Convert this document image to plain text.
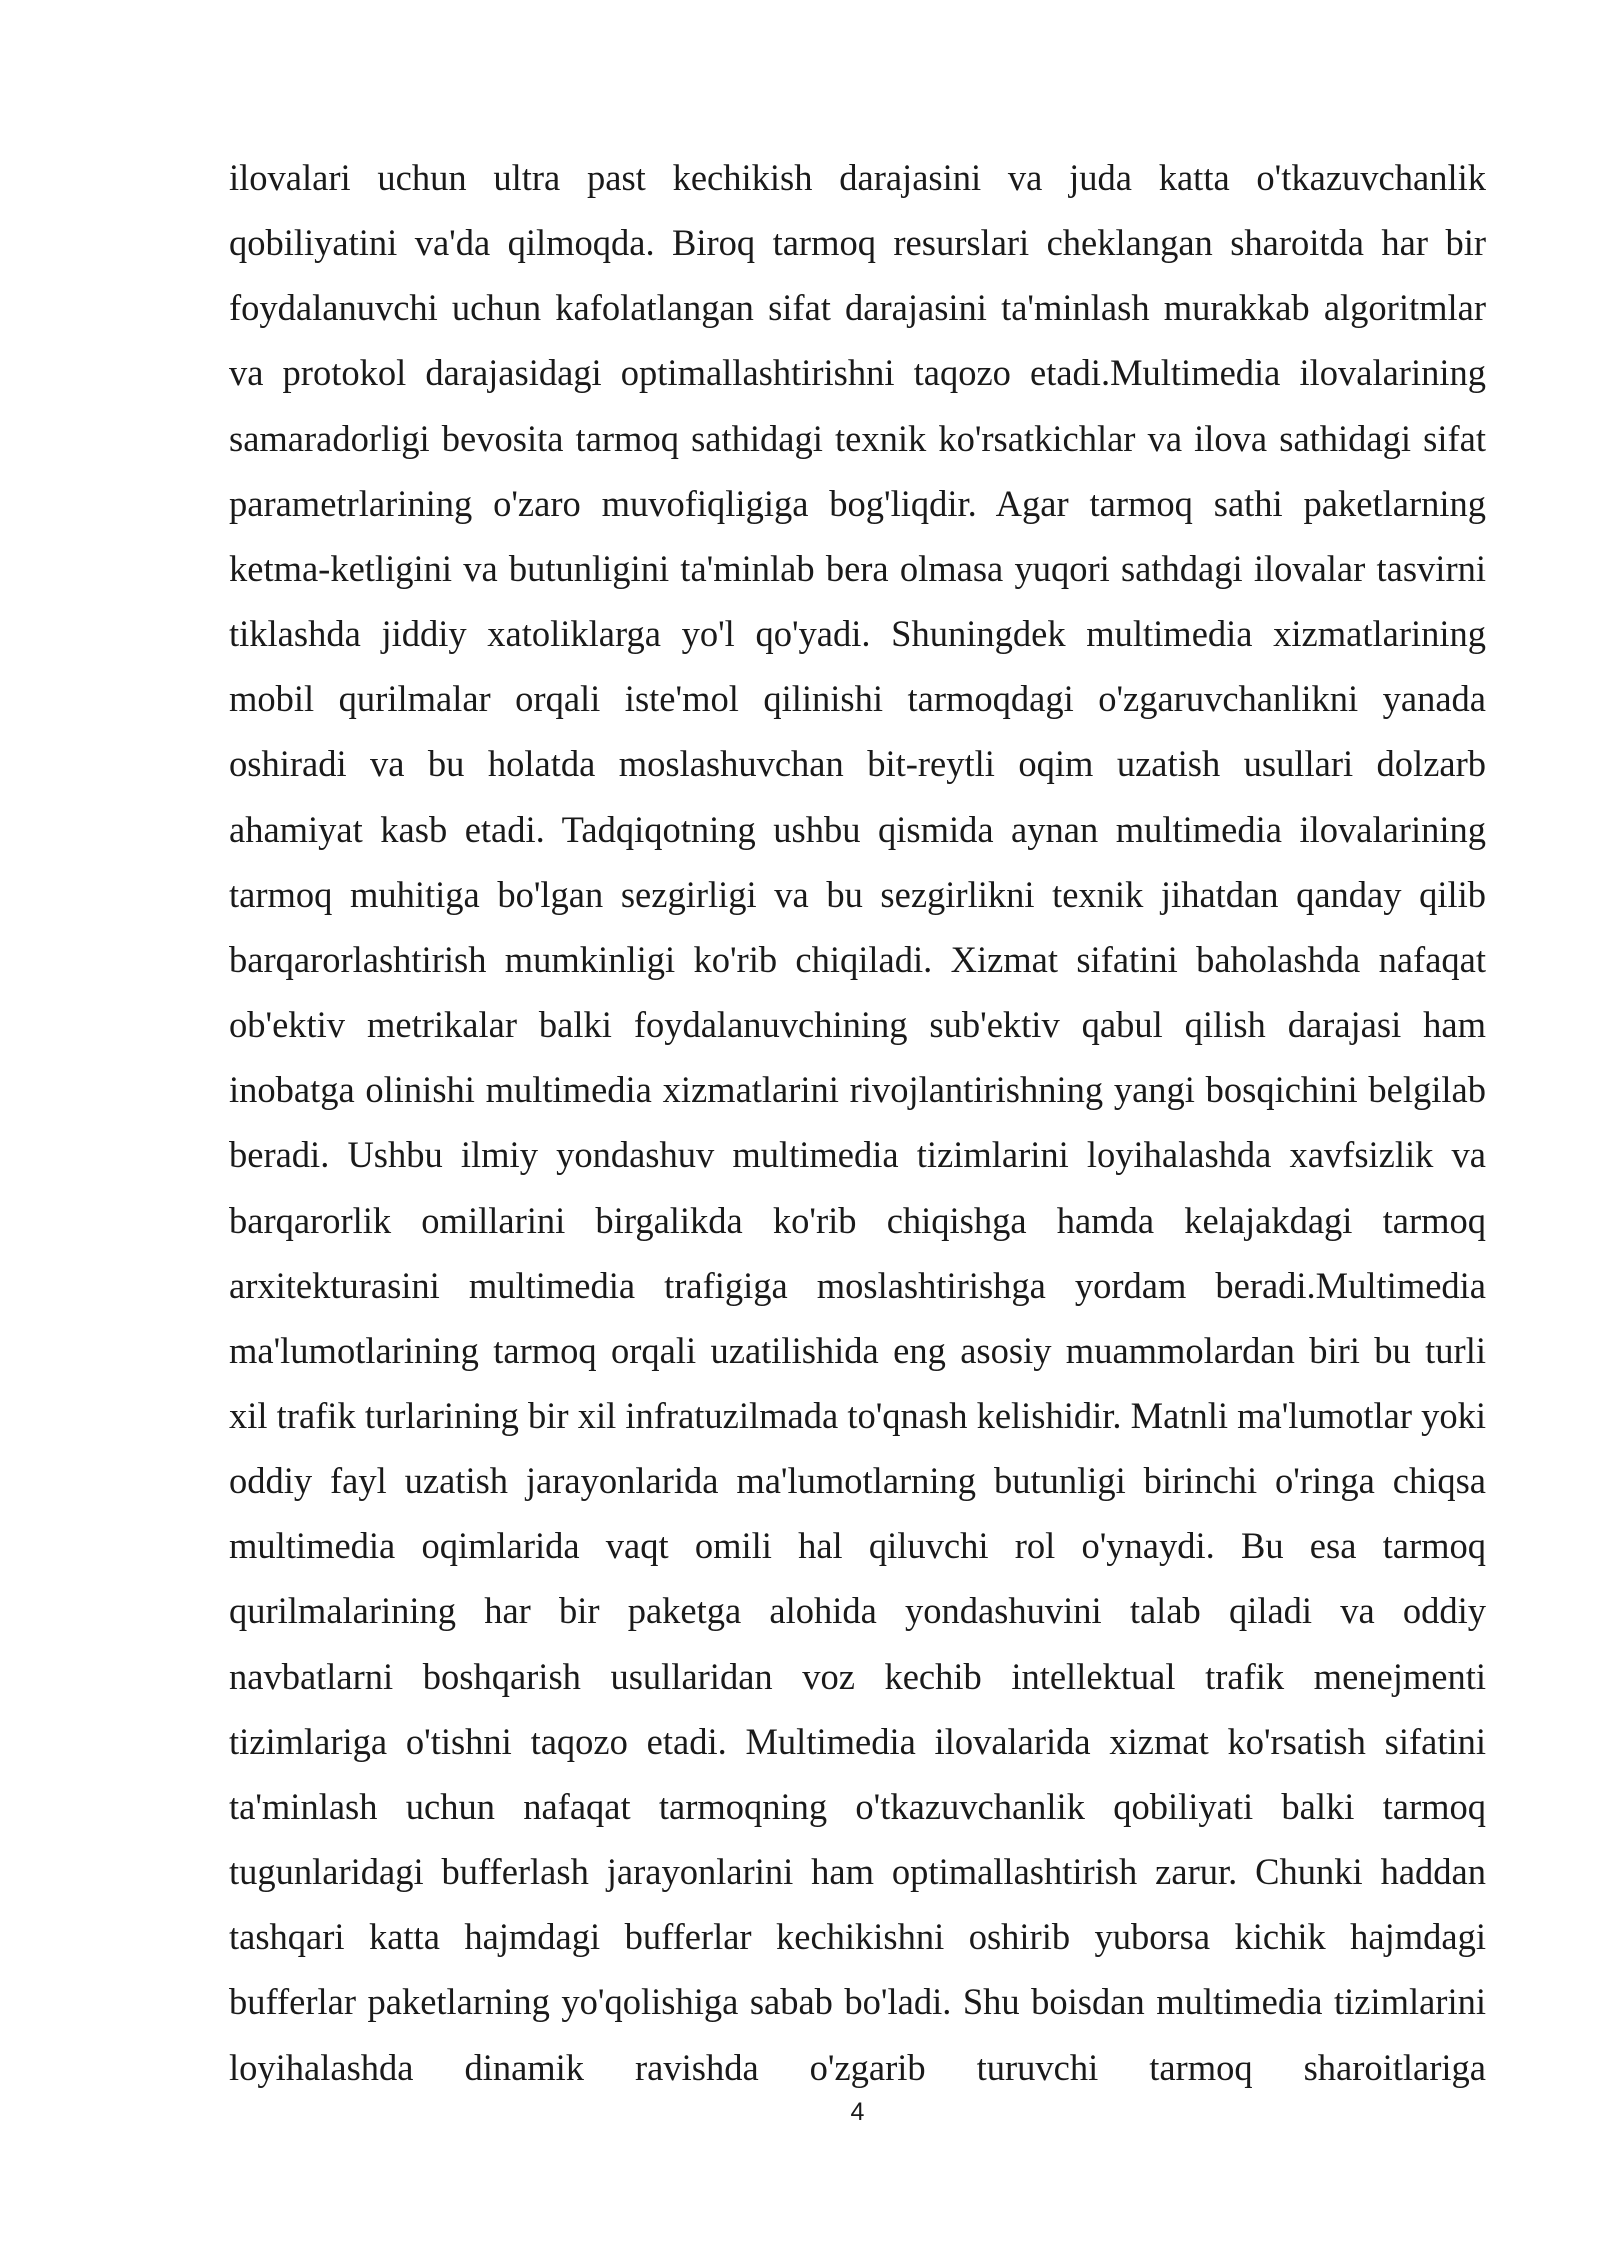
ilovalari uchun ultra past kechikish darajasini va juda katta o'tkazuvchanlik qobiliyatini va'da qilmoqda. Biroq tarmoq resurslari cheklangan sharoitda har bir foydalanuvchi uchun kafolatlangan sifat darajasini ta'minlash murakkab algoritmlar va protokol darajasidagi optimallashtirishni taqozo etadi.Multimedia ilovalarining samaradorligi bevosita tarmoq sathidagi texnik ko'rsatkichlar va ilova sathidagi sifat parametrlarining o'zaro muvofiqligiga bog'liqdir. Agar tarmoq sathi paketlarning ketma-ketligini va butunligini ta'minlab bera olmasa yuqori sathdagi ilovalar tasvirni tiklashda jiddiy xatoliklarga yo'l qo'yadi. Shuningdek multimedia xizmatlarining mobil qurilmalar orqali iste'mol qilinishi tarmoqdagi o'zgaruvchanlikni yanada oshiradi va bu holatda moslashuvchan bit-reytli oqim uzatish usullari dolzarb ahamiyat kasb etadi. Tadqiqotning ushbu qismida aynan multimedia ilovalarining tarmoq muhitiga bo'lgan sezgirligi va bu sezgirlikni texnik jihatdan qanday qilib barqarorlashtirish mumkinligi ko'rib chiqiladi. Xizmat sifatini baholashda nafaqat ob'ektiv metrikalar balki foydalanuvchining sub'ektiv qabul qilish darajasi ham inobatga olinishi multimedia xizmatlarini rivojlantirishning yangi bosqichini belgilab beradi. Ushbu ilmiy yondashuv multimedia tizimlarini loyihalashda xavfsizlik va barqarorlik omillarini birgalikda ko'rib chiqishga hamda kelajakdagi tarmoq arxitekturasini multimedia trafigiga moslashtirishga yordam beradi.Multimedia ma'lumotlarining tarmoq orqali uzatilishida eng asosiy muammolardan biri bu turli xil trafik turlarining bir xil infratuzilmada to'qnash kelishidir. Matnli ma'lumotlar yoki oddiy fayl uzatish jarayonlarida ma'lumotlarning butunligi birinchi o'ringa chiqsa multimedia oqimlarida vaqt omili hal qiluvchi rol o'ynaydi. Bu esa tarmoq qurilmalarining har bir paketga alohida yondashuvini talab qiladi va oddiy navbatlarni boshqarish usullaridan voz kechib intellektual trafik menejmenti tizimlariga o'tishni taqozo etadi. Multimedia ilovalarida xizmat ko'rsatish sifatini ta'minlash uchun nafaqat tarmoqning o'tkazuvchanlik qobiliyati balki tarmoq tugunlaridagi bufferlash jarayonlarini ham optimallashtirish zarur. Chunki haddan tashqari katta hajmdagi bufferlar kechikishni oshirib yuborsa kichik hajmdagi bufferlar paketlarning yo'qolishiga sabab bo'ladi. Shu boisdan multimedia tizimlarini loyihalashda dinamik ravishda o'zgarib turuvchi tarmoq sharoitlariga

4
